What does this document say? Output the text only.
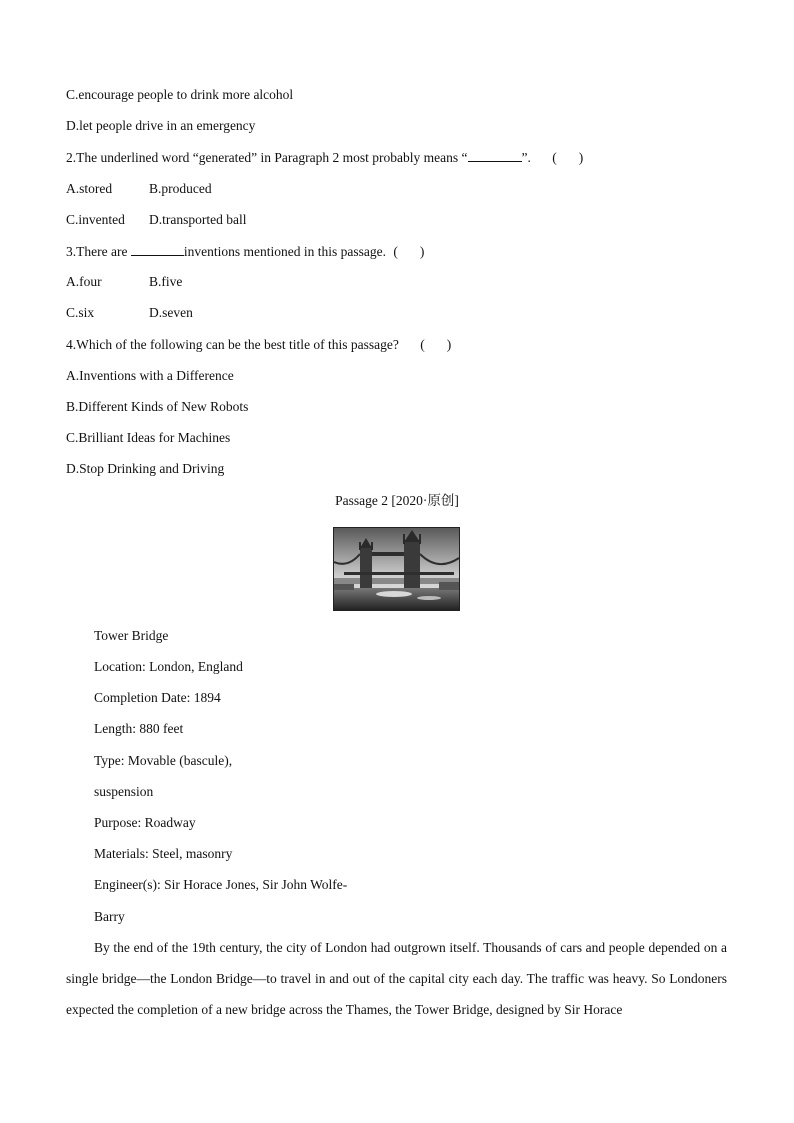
C.encourage people to drink more alcohol
D.let people drive in an emergency
2.The underlined word “generated” in Paragraph 2 most probably means “	”. ( )
A.stored	B.produced
C.invented D.transported ball
3.There are	inventions mentioned in this passage. ( )
A.four	B.five
C.six	D.seven
4.Which of the following can be the best title of this passage? ( )
A.Inventions with a Difference
B.Different Kinds of New Robots
C.Brilliant Ideas for Machines
D.Stop Drinking and Driving
Passage 2 [2020·原创]
Tower Bridge
Location: London, England
Completion Date: 1894
Length: 880 feet
Type: Movable (bascule),
suspension
Purpose: Roadway
Materials: Steel, masonry
Engineer(s): Sir Horace Jones, Sir John Wolfe-
Barry
By the end of the 19th century, the city of London had outgrown itself. Thousands of cars and people depended on a single bridge—the London Bridge—to travel in and out of the capital city each day. The traffic was heavy. So Londoners expected the completion of a new bridge across the Thames, the Tower Bridge, designed by Sir Horace
